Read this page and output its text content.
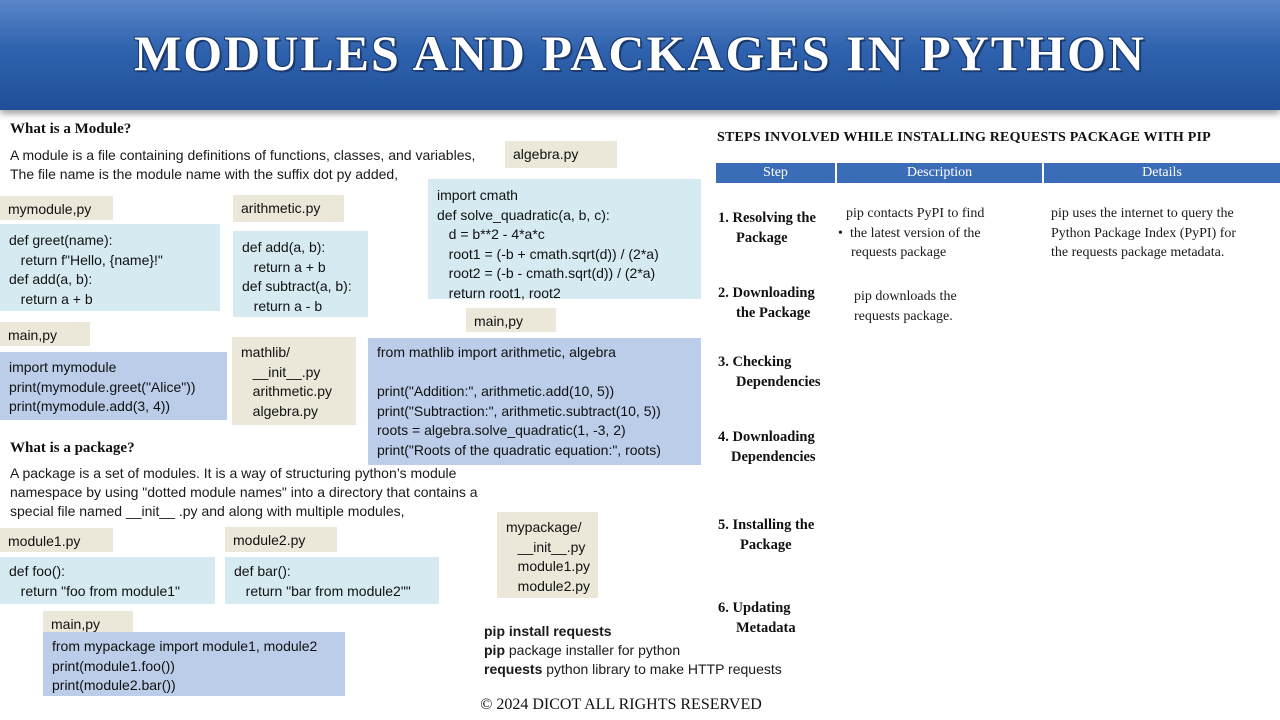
MODULES AND PACKAGES IN PYTHON
What is a Module?
A module is a file containing definitions of functions, classes, and variables,
The file name is the module name with the suffix dot py added,
algebra.py
mymodule,py
def greet(name):
return f"Hello, {name}!"
def add(a, b):
return a + b
arithmetic.py
def add(a, b):
return a + b
def subtract(a, b):
return a - b
import cmath
def solve_quadratic(a, b, c):
d = b**2 - 4*a*c
root1 = (-b + cmath.sqrt(d)) / (2*a)
root2 = (-b - cmath.sqrt(d)) / (2*a)
return root1, root2
main,py
import mymodule
print(mymodule.greet("Alice"))
print(mymodule.add(3, 4))
mathlib/
__init__.py
arithmetic.py
algebra.py
main,py
from mathlib import arithmetic, algebra

print("Addition:", arithmetic.add(10, 5))
print("Subtraction:", arithmetic.subtract(10, 5))
roots = algebra.solve_quadratic(1, -3, 2)
print("Roots of the quadratic equation:", roots)
What is a package?
A package is a set of modules. It is a way of structuring python’s module
namespace by using "dotted module names" into a directory that contains a
special file named __init__ .py and along with multiple modules,
module1.py
def foo():
return "foo from module1"
module2.py
def bar():
return "bar from module2""
mypackage/
__init__.py
module1.py
module2.py
main,py
from mypackage import module1, module2
print(module1.foo())
print(module2.bar())
pip install requests
pip package installer for python
requests python library to make HTTP requests
STEPS INVOLVED WHILE INSTALLING REQUESTS PACKAGE WITH PIP
Step	Description	Details
1. Resolving the
Package
pip contacts PyPI to find
• the latest version of the
requests package
pip uses the internet to query the
Python Package Index (PyPI) for
the requests package metadata.
2. Downloading
the Package
pip downloads the
requests package.
3. Checking
Dependencies
4. Downloading
Dependencies
5. Installing the
Package
6. Updating
Metadata
© 2024 DICOT ALL RIGHTS RESERVED
